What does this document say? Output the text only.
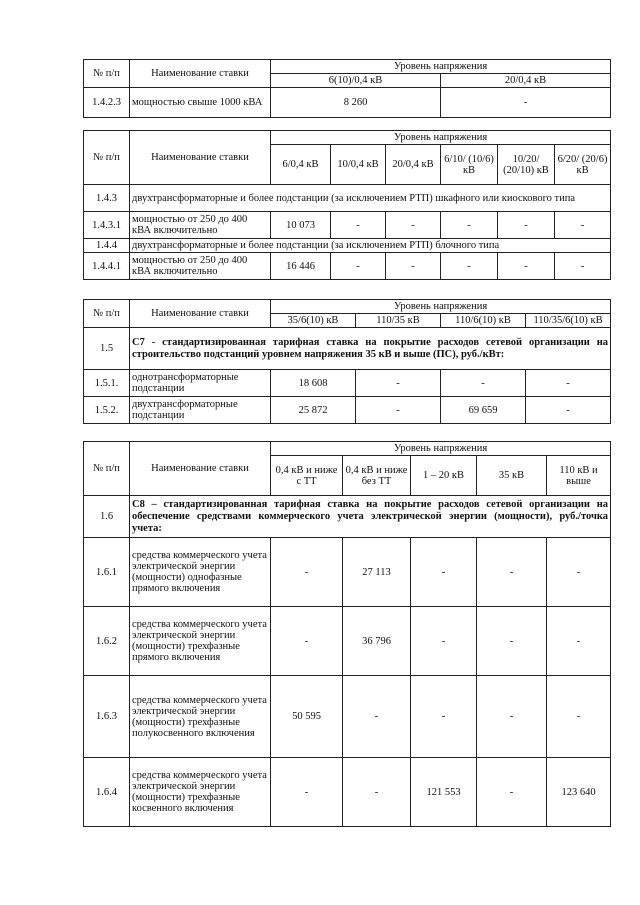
№ п/п	Наименование ставки	Уровень напряжения	
		6(10)/0,4 кВ	20/0,4 кВ
1.4.2.3	мощностью свыше 1000 кВА	8 260	-
№ п/п	Наименование ставки	Уровень напряжения					
		6/0,4 кВ	10/0,4 кВ	20/0,4 кВ	6/10/ (10/6) кВ	10/20/ (20/10) кВ	6/20/ (20/6) кВ
1.4.3	двухтрансформаторные и более подстанции (за исключением РТП) шкафного или киоскового типа						
1.4.3.1	мощностью от 250 до 400 кВА включительно	10 073	-	-	-	-	-
1.4.4	двухтрансформаторные и более подстанции (за исключением РТП) блочного типа						
1.4.4.1	мощностью от 250 до 400 кВА включительно	16 446	-	-	-	-	-
№ п/п	Наименование ставки	Уровень напряжения			
		35/6(10) кВ	110/35 кВ	110/6(10) кВ	110/35/6(10) кВ
1.5	С7 - стандартизированная тарифная ставка на покрытие расходов сетевой организации на строительство подстанций уровнем напряжения 35 кВ и выше (ПС), руб./кВт:				
1.5.1.	однотрансформаторные подстанции	18 608	-	-	-
1.5.2.	двухтрансформаторные подстанции	25 872	-	69 659	-
№ п/п	Наименование ставки	Уровень напряжения				
		0,4 кВ и ниже с ТТ	0,4 кВ и ниже без ТТ	1 – 20 кВ	35 кВ	110 кВ и выше
1.6	С8 – стандартизированная тарифная ставка на покрытие расходов сетевой организации на обеспечение средствами коммерческого учета электрической энергии (мощности), руб./точка учета:					
1.6.1	средства коммерческого учета электрической энергии (мощности) однофазные прямого включения	-	27 113	-	-	-
1.6.2	средства коммерческого учета электрической энергии (мощности) трехфазные прямого включения	-	36 796	-	-	-
1.6.3	средства коммерческого учета электрической энергии (мощности) трехфазные полукосвенного включения	50 595	-	-	-	-
1.6.4	средства коммерческого учета электрической энергии (мощности) трехфазные косвенного включения	-	-	121 553	-	123 640
